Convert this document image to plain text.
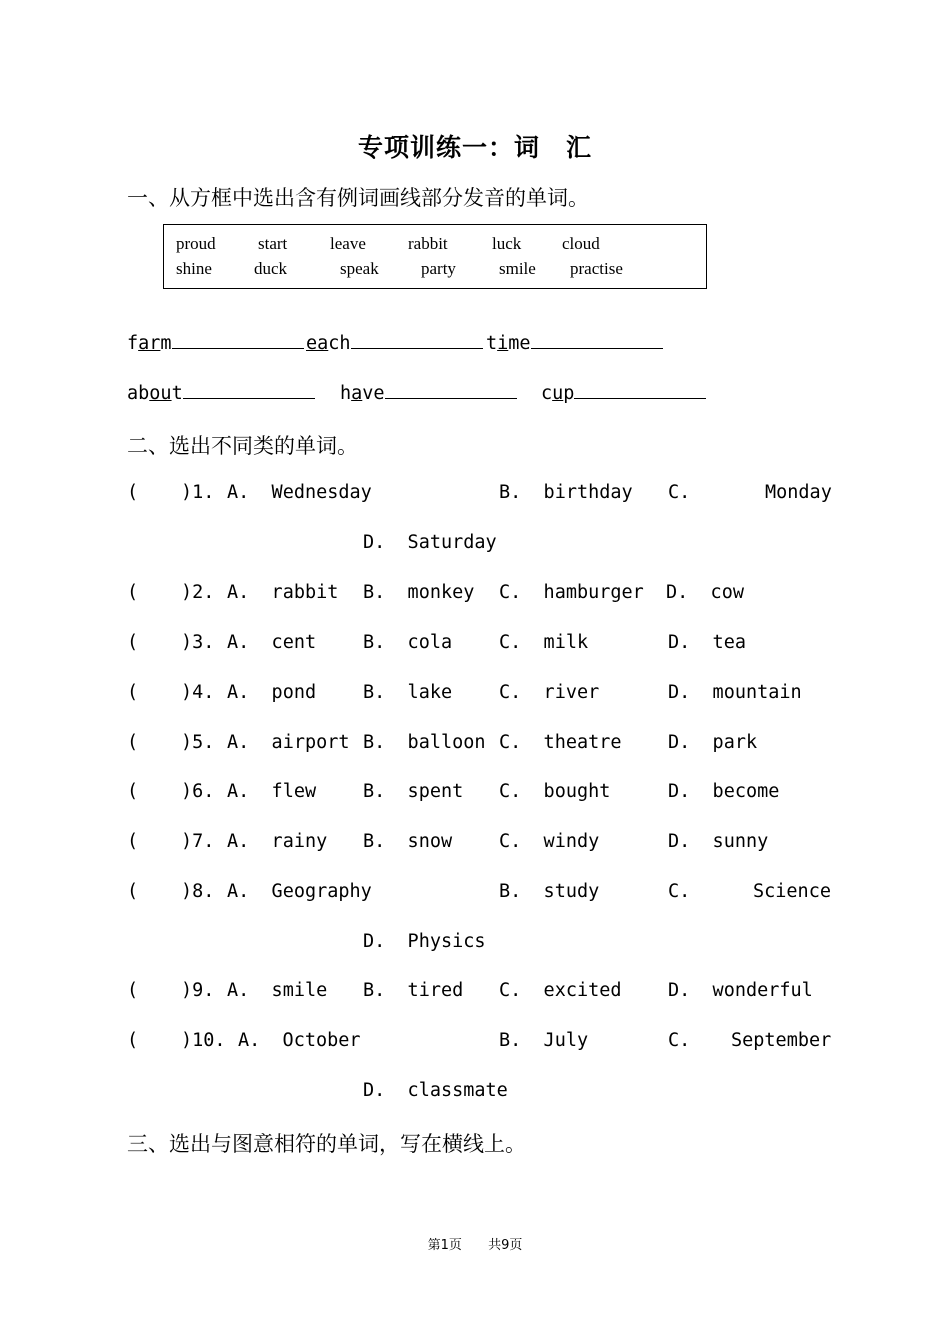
专项训练一：词　汇
一、从方框中选出含有例词画线部分发音的单词。
proud start	leave rabbit	luck cloud
shine duck	speak party	smile practise
farm	each	time
about	have	cup
二、选出不同类的单词。
( )1. A.  Wednesday	B.  birthday C.	Monday
D.  Saturday
( )2. A.  rabbit B.  monkey C.  hamburger D.  cow
( )3. A.  cent	B.  cola	C.  milk	D.  tea
( )4. A.  pond	B.  lake	C.  river	D.  mountain
( )5. A.  airport B.  balloon C.  theatre	D.  park
( )6. A.  flew	B.  spent C.  bought	D.  become
( )7. A.  rainy B.  snow	C.  windy	D.  sunny
( )8. A.  Geography	B.  study	C.	Science
D.  Physics
( )9. A.  smile B.  tired C.  excited	D.  wonderful
( )10. A.  October	B.  July	C. September
D.  classmate
三、选出与图意相符的单词，写在横线上。
第1页 共9页
